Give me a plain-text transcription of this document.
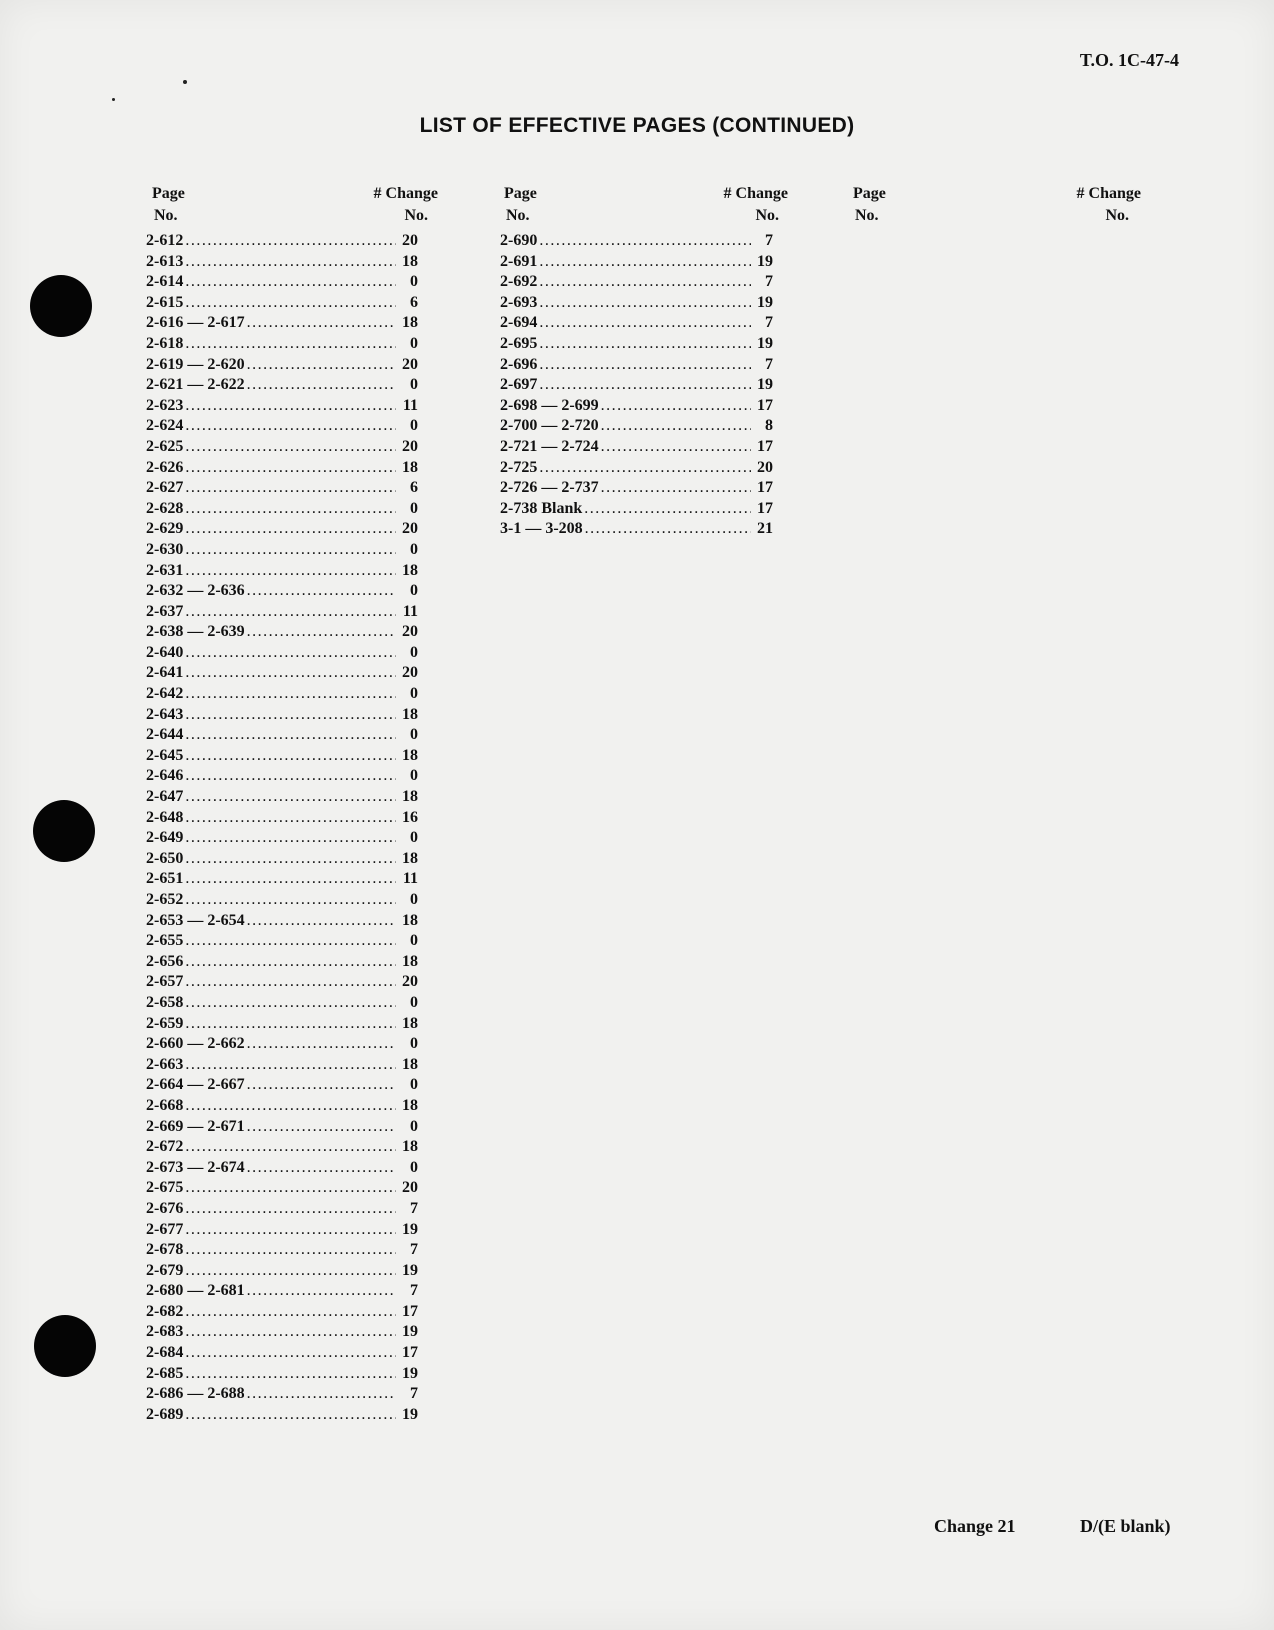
T.O. 1C-47-4
LIST OF EFFECTIVE PAGES (CONTINUED)
Page
No.
# Change
No.
2-612 .....	20
2-613 .....	18
2-614 .....	0
2-615 .....	6
2-616 — 2-617 .....	18
2-618 .....	0
2-619 — 2-620 .....	20
2-621 — 2-622 .....	0
2-623 .....	11
2-624 .....	0
2-625 .....	20
2-626 .....	18
2-627 .....	6
2-628 .....	0
2-629 .....	20
2-630 .....	0
2-631 .....	18
2-632 — 2-636 .....	0
2-637 .....	11
2-638 — 2-639 .....	20
2-640 .....	0
2-641 .....	20
2-642 .....	0
2-643 .....	18
2-644 .....	0
2-645 .....	18
2-646 .....	0
2-647 .....	18
2-648 .....	16
2-649 .....	0
2-650 .....	18
2-651 .....	11
2-652 .....	0
2-653 — 2-654 .....	18
2-655 .....	0
2-656 .....	18
2-657 .....	20
2-658 .....	0
2-659 .....	18
2-660 — 2-662 .....	0
2-663 .....	18
2-664 — 2-667 .....	0
2-668 .....	18
2-669 — 2-671 .....	0
2-672 .....	18
2-673 — 2-674 .....	0
2-675 .....	20
2-676 .....	7
2-677 .....	19
2-678 .....	7
2-679 .....	19
2-680 — 2-681 .....	7
2-682 .....	17
2-683 .....	19
2-684 .....	17
2-685 .....	19
2-686 — 2-688 .....	7
2-689 .....	19
Page
No.
# Change
No.
2-690 .....	7
2-691 .....	19
2-692 .....	7
2-693 .....	19
2-694 .....	7
2-695 .....	19
2-696 .....	7
2-697 .....	19
2-698 — 2-699 .....	17
2-700 — 2-720 .....	8
2-721 — 2-724 .....	17
2-725 .....	20
2-726 — 2-737 .....	17
2-738 Blank .....	17
3-1 — 3-208 .....	21
Page
No.
# Change
No.
Change 21	D/(E blank)
